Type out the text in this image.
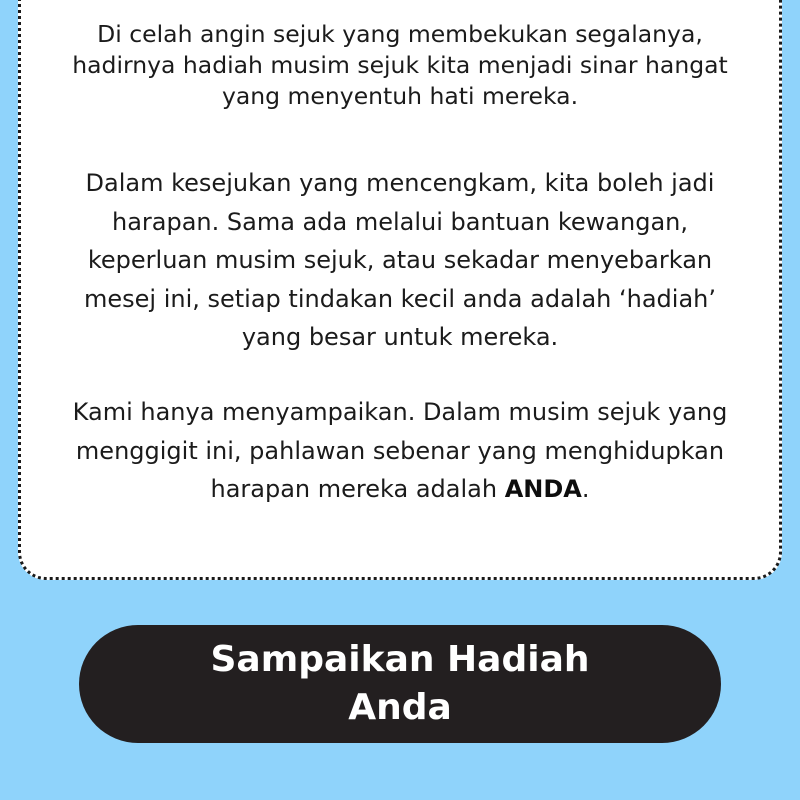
Di celah angin sejuk yang membekukan segalanya, hadirnya hadiah musim sejuk kita menjadi sinar hangat yang menyentuh hati mereka.

Dalam kesejukan yang mencengkam, kita boleh jadi harapan. Sama ada melalui bantuan kewangan, keperluan musim sejuk, atau sekadar menyebarkan mesej ini, setiap tindakan kecil anda adalah ‘hadiah’ yang besar untuk mereka.

Kami hanya menyampaikan. Dalam musim sejuk yang menggigit ini, pahlawan sebenar yang menghidupkan harapan mereka adalah ANDA.

Sampaikan Hadiah Anda
